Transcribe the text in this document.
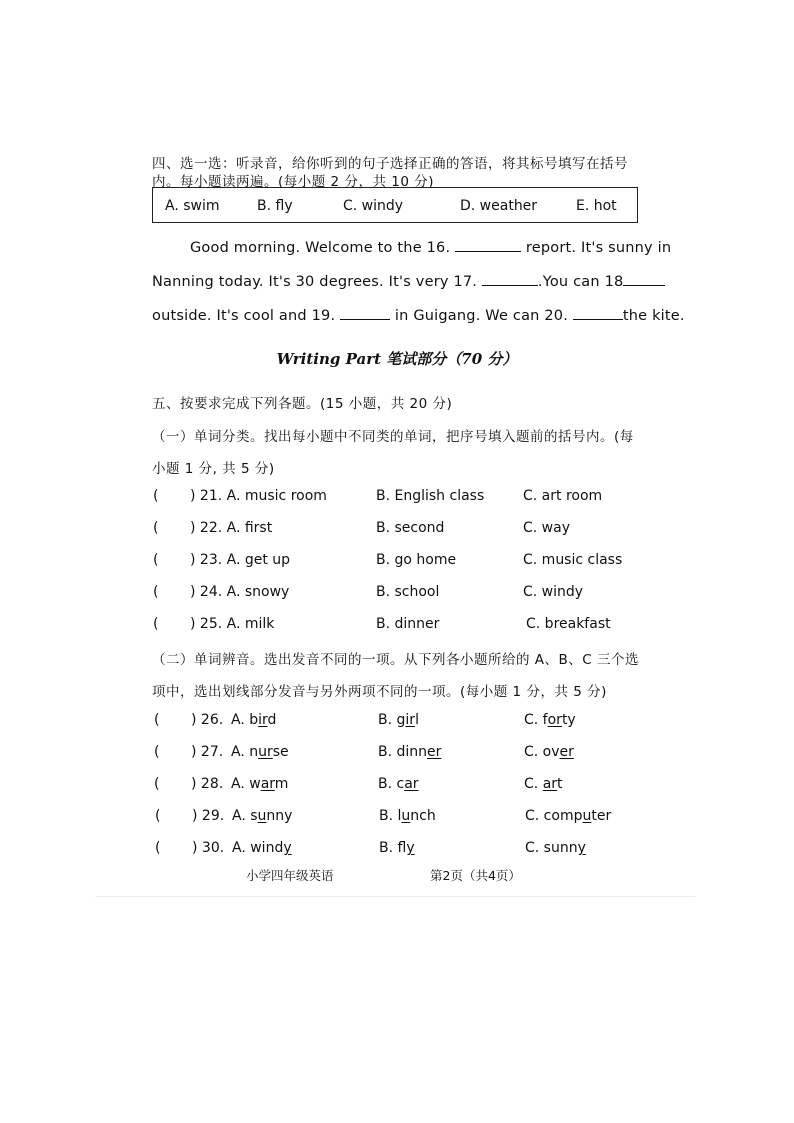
四、选一选：听录音，给你听到的句子选择正确的答语，将其标号填写在括号
内。每小题读两遍。(每小题 2 分，共 10 分)
A. swim	B. fly	C. windy	D. weather	E. hot
Good morning. Welcome to the 16.	report. It's sunny in
Nanning today. It's 30 degrees. It's very 17.	.You can 18
outside. It's cool and 19.	in Guigang. We can 20.	the kite.
Writing Part 笔试部分（70 分）
五、按要求完成下列各题。(15 小题，共 20 分)
（一）单词分类。找出每小题中不同类的单词，把序号填入题前的括号内。(每
小题 1 分, 共 5 分)
( ) 21. A. music room	B. English class	C. art room
( ) 22. A. first	B. second	C. way
( ) 23. A. get up	B. go home	C. music class
( ) 24. A. snowy	B. school	C. windy
( ) 25. A. milk	B. dinner	C. breakfast
（二）单词辨音。选出发音不同的一项。从下列各小题所给的 A、B、C 三个选
项中，选出划线部分发音与另外两项不同的一项。(每小题 1 分，共 5 分)
( ) 26. A. bird	B. girl	C. forty
( ) 27. A. nurse	B. dinner	C. over
( ) 28. A. warm	B. car	C. art
( ) 29. A. sunny	B. lunch	C. computer
( ) 30. A. windy	B. fly	C. sunny
小学四年级英语	第2页（共4页）
